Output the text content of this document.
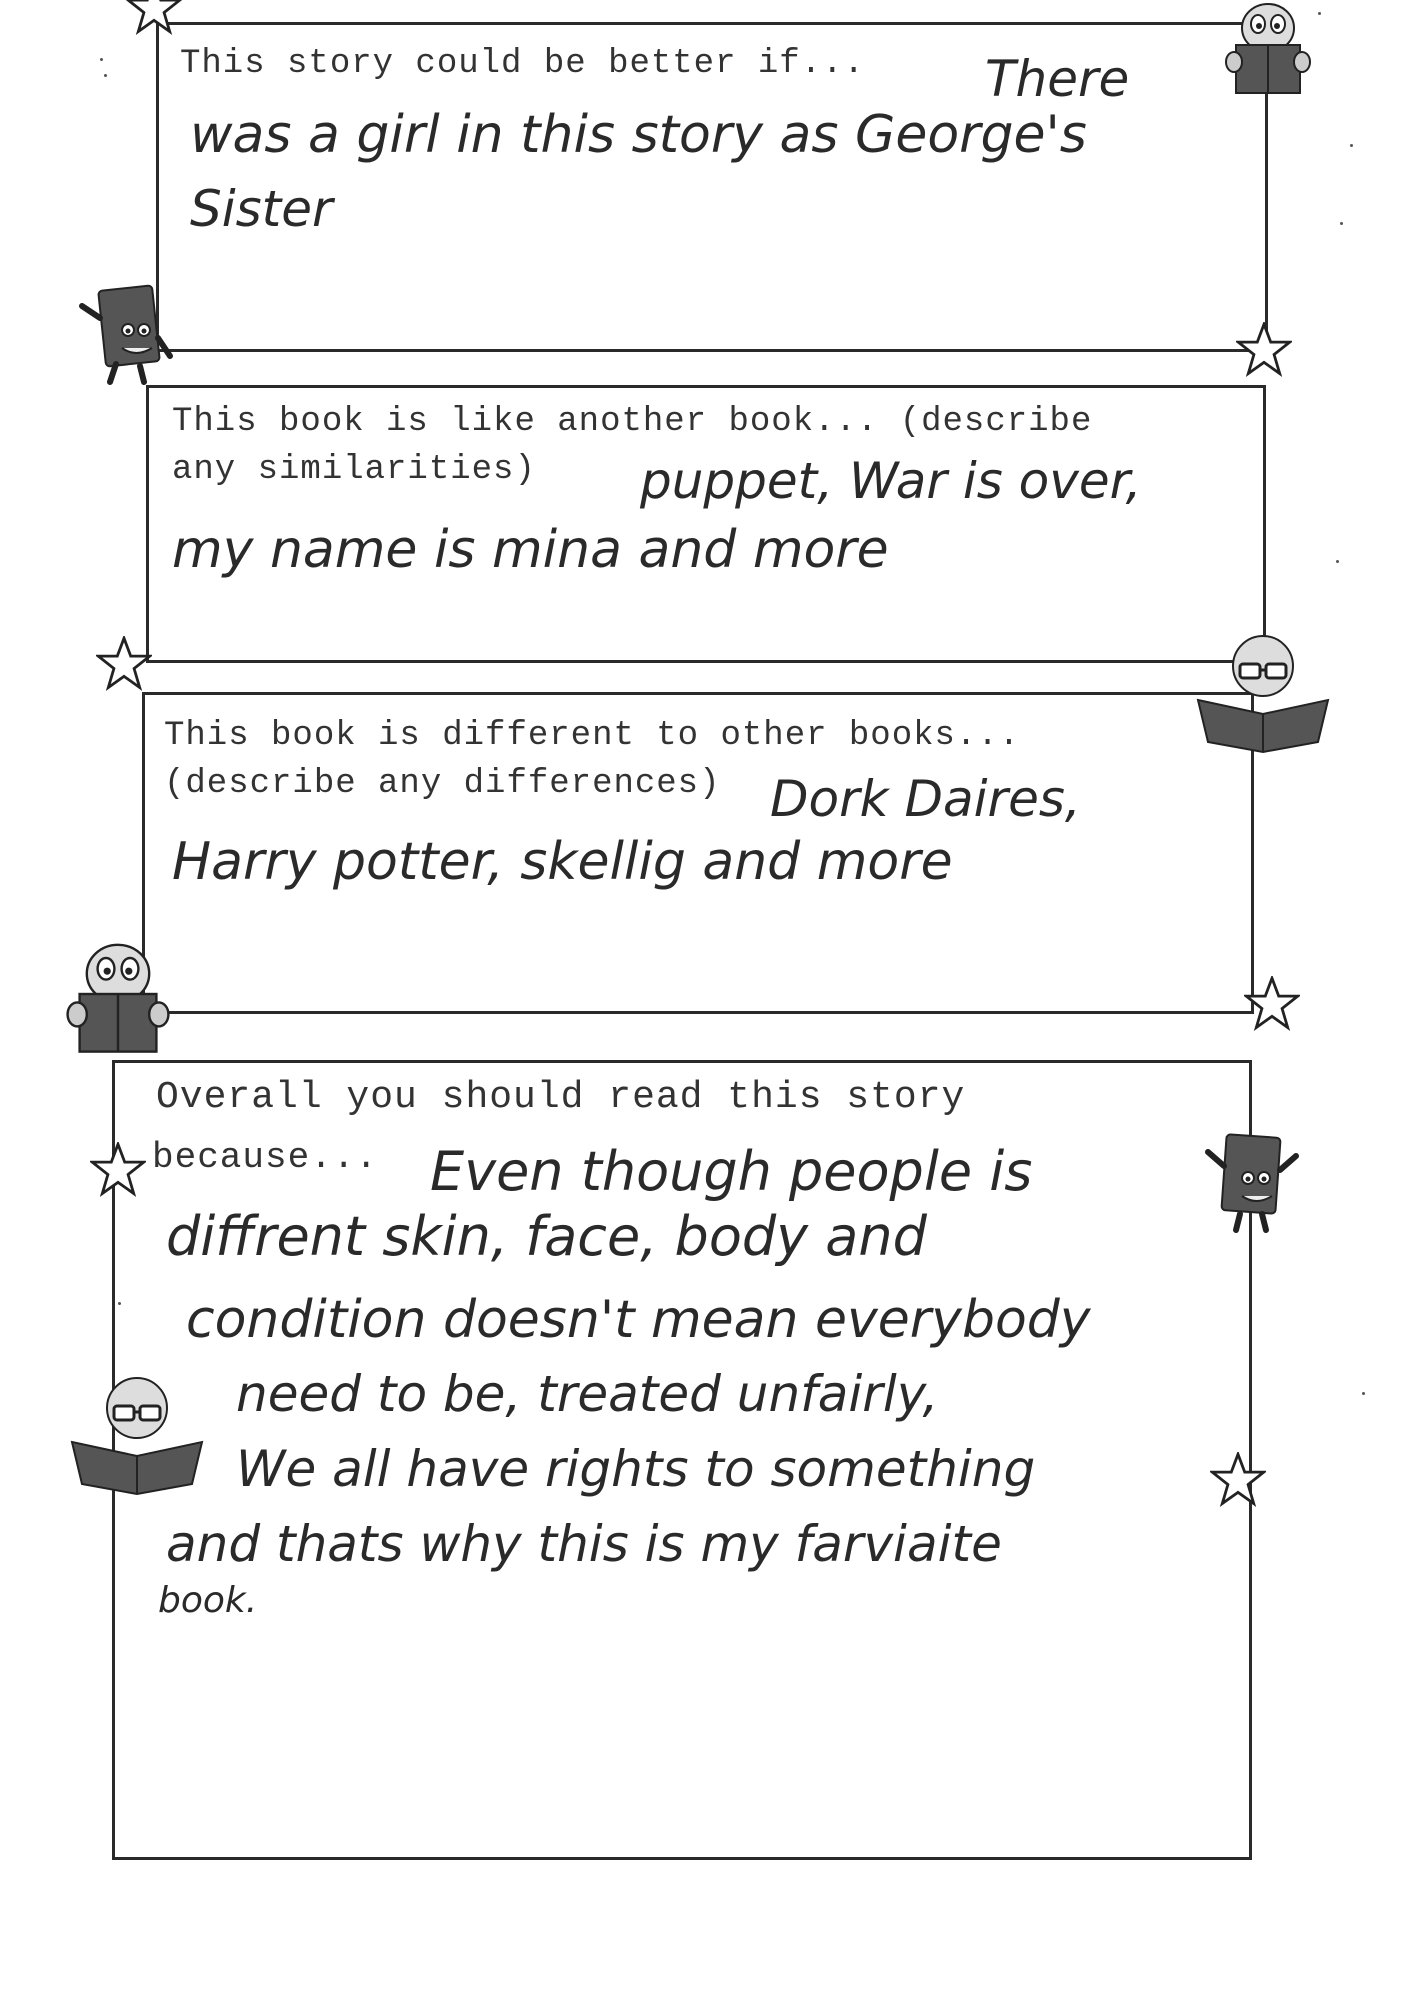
This story could be better if... There
was a girl in this story as George's
Sister
This book is like another book... (describe
any similarities) puppet, War is over,
my name is mina and more
This book is different to other books...
(describe any differences) Dork Daires,
Harry potter, skellig and more
Overall you should read this story
because... Even though people is
diffrent skin, face, body and
condition doesn't mean everybody
need to be, treated unfairly,
We all have rights to something
and thats why this is my farviaite
book.
